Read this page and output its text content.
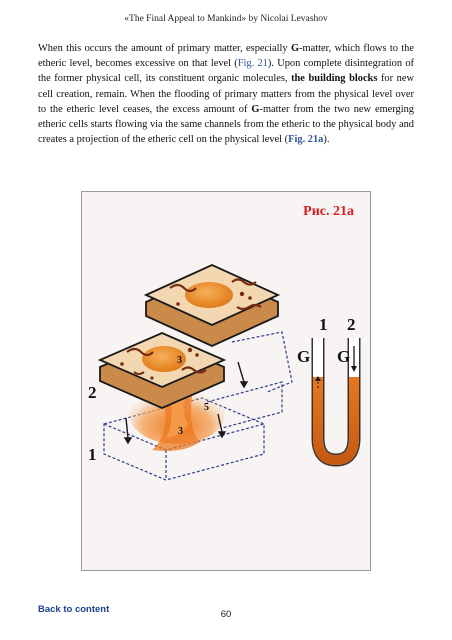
«The Final Appeal to Mankind» by Nicolai Levashov
When this occurs the amount of primary matter, especially G-matter, which flows to the etheric level, becomes excessive on that level (Fig. 21). Upon complete disintegration of the former physical cell, its constituent organic molecules, the building blocks for new cell creation, remain. When the flooding of primary matters from the physical level over to the etheric level ceases, the excess amount of G-matter from the two new emerging etheric cells starts flowing via the same channels from the etheric to the physical body and creates a projection of the etheric cell on the physical level (Fig. 21a).
2
1
3
3
5
1 2
G G
Рис. 21a
Back to content	60
